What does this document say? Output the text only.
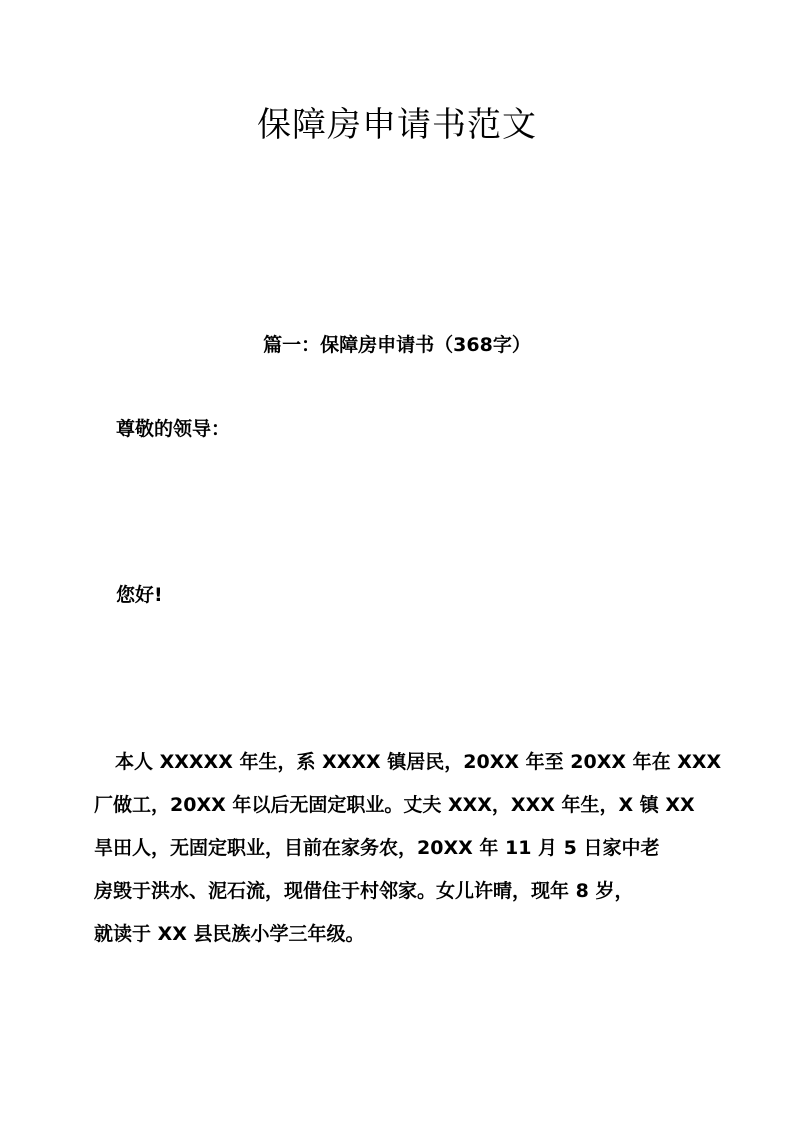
保障房申请书范文
篇一：保障房申请书（368字）
尊敬的领导：
您好!
本人 XXXXX 年生，系 XXXX 镇居民，20XX 年至 20XX 年在 XXX
厂做工，20XX 年以后无固定职业。丈夫 XXX，XXX 年生，X 镇 XX
旱田人，无固定职业，目前在家务农，20XX 年 11 月 5 日家中老
房毁于洪水、泥石流，现借住于村邻家。女儿许晴，现年 8 岁，
就读于 XX 县民族小学三年级。
